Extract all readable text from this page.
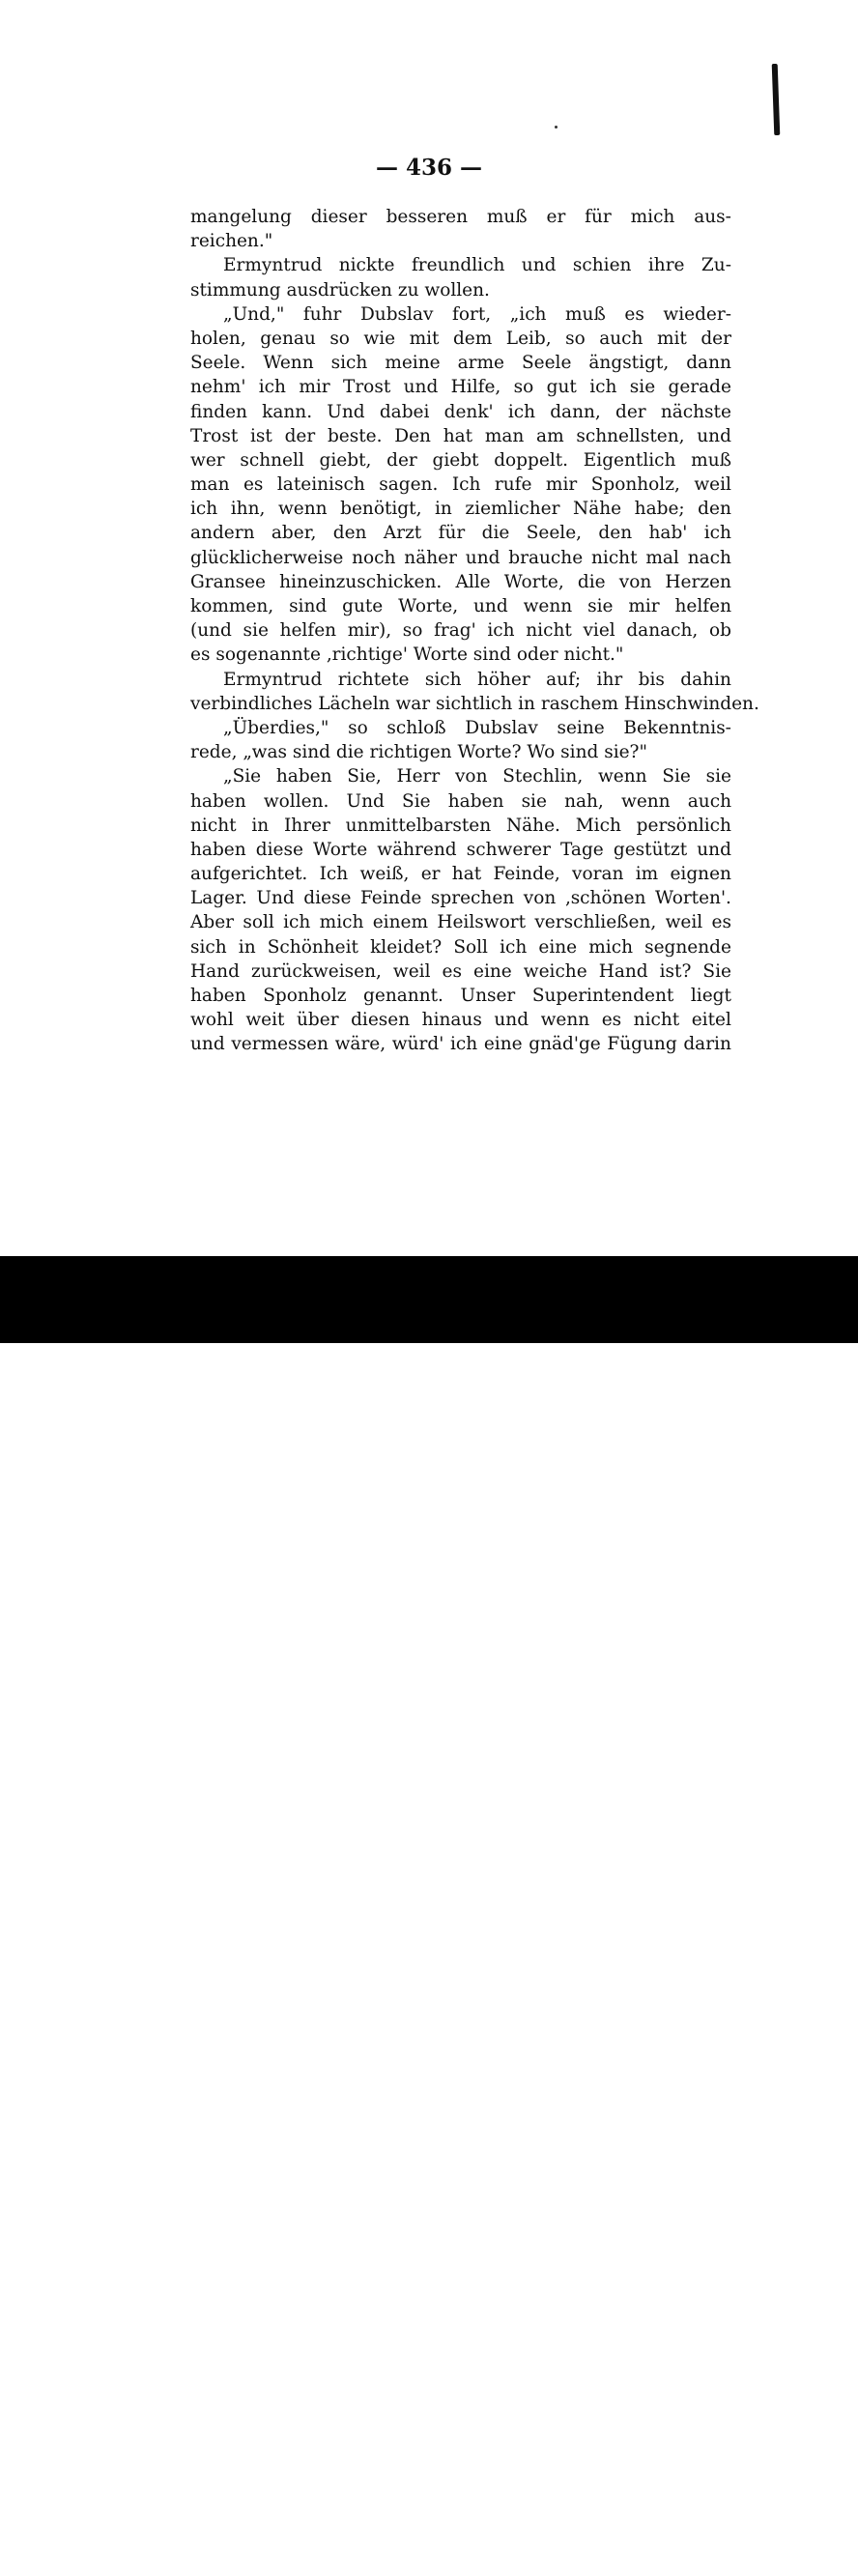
— 436 —
mangelung dieser besseren muß er für mich aus-
reichen."
Ermyntrud nickte freundlich und schien ihre Zu-
stimmung ausdrücken zu wollen.
„Und," fuhr Dubslav fort, „ich muß es wieder-
holen, genau so wie mit dem Leib, so auch mit der
Seele. Wenn sich meine arme Seele ängstigt, dann
nehm' ich mir Trost und Hilfe, so gut ich sie gerade
finden kann. Und dabei denk' ich dann, der nächste
Trost ist der beste. Den hat man am schnellsten, und
wer schnell giebt, der giebt doppelt. Eigentlich muß
man es lateinisch sagen. Ich rufe mir Sponholz, weil
ich ihn, wenn benötigt, in ziemlicher Nähe habe; den
andern aber, den Arzt für die Seele, den hab' ich
glücklicherweise noch näher und brauche nicht mal nach
Gransee hineinzuschicken. Alle Worte, die von Herzen
kommen, sind gute Worte, und wenn sie mir helfen
(und sie helfen mir), so frag' ich nicht viel danach, ob
es sogenannte ‚richtige' Worte sind oder nicht."
Ermyntrud richtete sich höher auf; ihr bis dahin
verbindliches Lächeln war sichtlich in raschem Hinschwinden.
„Überdies," so schloß Dubslav seine Bekenntnis-
rede, „was sind die richtigen Worte? Wo sind sie?"
„Sie haben Sie, Herr von Stechlin, wenn Sie sie
haben wollen. Und Sie haben sie nah, wenn auch
nicht in Ihrer unmittelbarsten Nähe. Mich persönlich
haben diese Worte während schwerer Tage gestützt und
aufgerichtet. Ich weiß, er hat Feinde, voran im eignen
Lager. Und diese Feinde sprechen von ‚schönen Worten'.
Aber soll ich mich einem Heilswort verschließen, weil es
sich in Schönheit kleidet? Soll ich eine mich segnende
Hand zurückweisen, weil es eine weiche Hand ist? Sie
haben Sponholz genannt. Unser Superintendent liegt
wohl weit über diesen hinaus und wenn es nicht eitel
und vermessen wäre, würd' ich eine gnäd'ge Fügung darin
alamy	Image ID: W8BMTK
www.alamy.com
